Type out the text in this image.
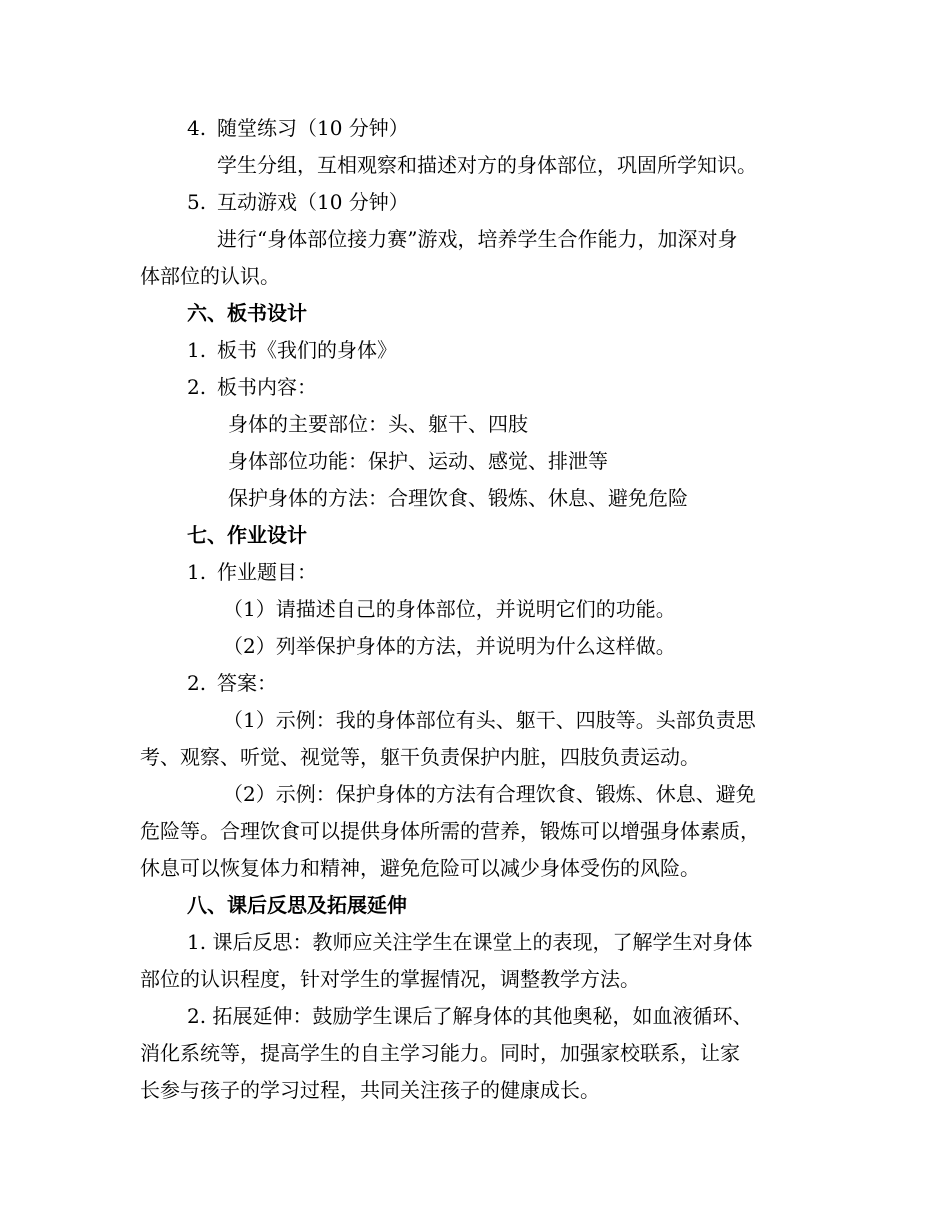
4. 随堂练习（10 分钟）
学生分组，互相观察和描述对方的身体部位，巩固所学知识。
5. 互动游戏（10 分钟）
进行“身体部位接力赛”游戏，培养学生合作能力，加深对身
体部位的认识。
六、板书设计
1. 板书《我们的身体》
2. 板书内容：
身体的主要部位：头、躯干、四肢
身体部位功能：保护、运动、感觉、排泄等
保护身体的方法：合理饮食、锻炼、休息、避免危险
七、作业设计
1. 作业题目：
（1）请描述自己的身体部位，并说明它们的功能。
（2）列举保护身体的方法，并说明为什么这样做。
2. 答案：
（1）示例：我的身体部位有头、躯干、四肢等。头部负责思
考、观察、听觉、视觉等，躯干负责保护内脏，四肢负责运动。
（2）示例：保护身体的方法有合理饮食、锻炼、休息、避免
危险等。合理饮食可以提供身体所需的营养，锻炼可以增强身体素质，
休息可以恢复体力和精神，避免危险可以减少身体受伤的风险。
八、课后反思及拓展延伸
1. 课后反思：教师应关注学生在课堂上的表现，了解学生对身体
部位的认识程度，针对学生的掌握情况，调整教学方法。
2. 拓展延伸：鼓励学生课后了解身体的其他奥秘，如血液循环、
消化系统等，提高学生的自主学习能力。同时，加强家校联系，让家
长参与孩子的学习过程，共同关注孩子的健康成长。
